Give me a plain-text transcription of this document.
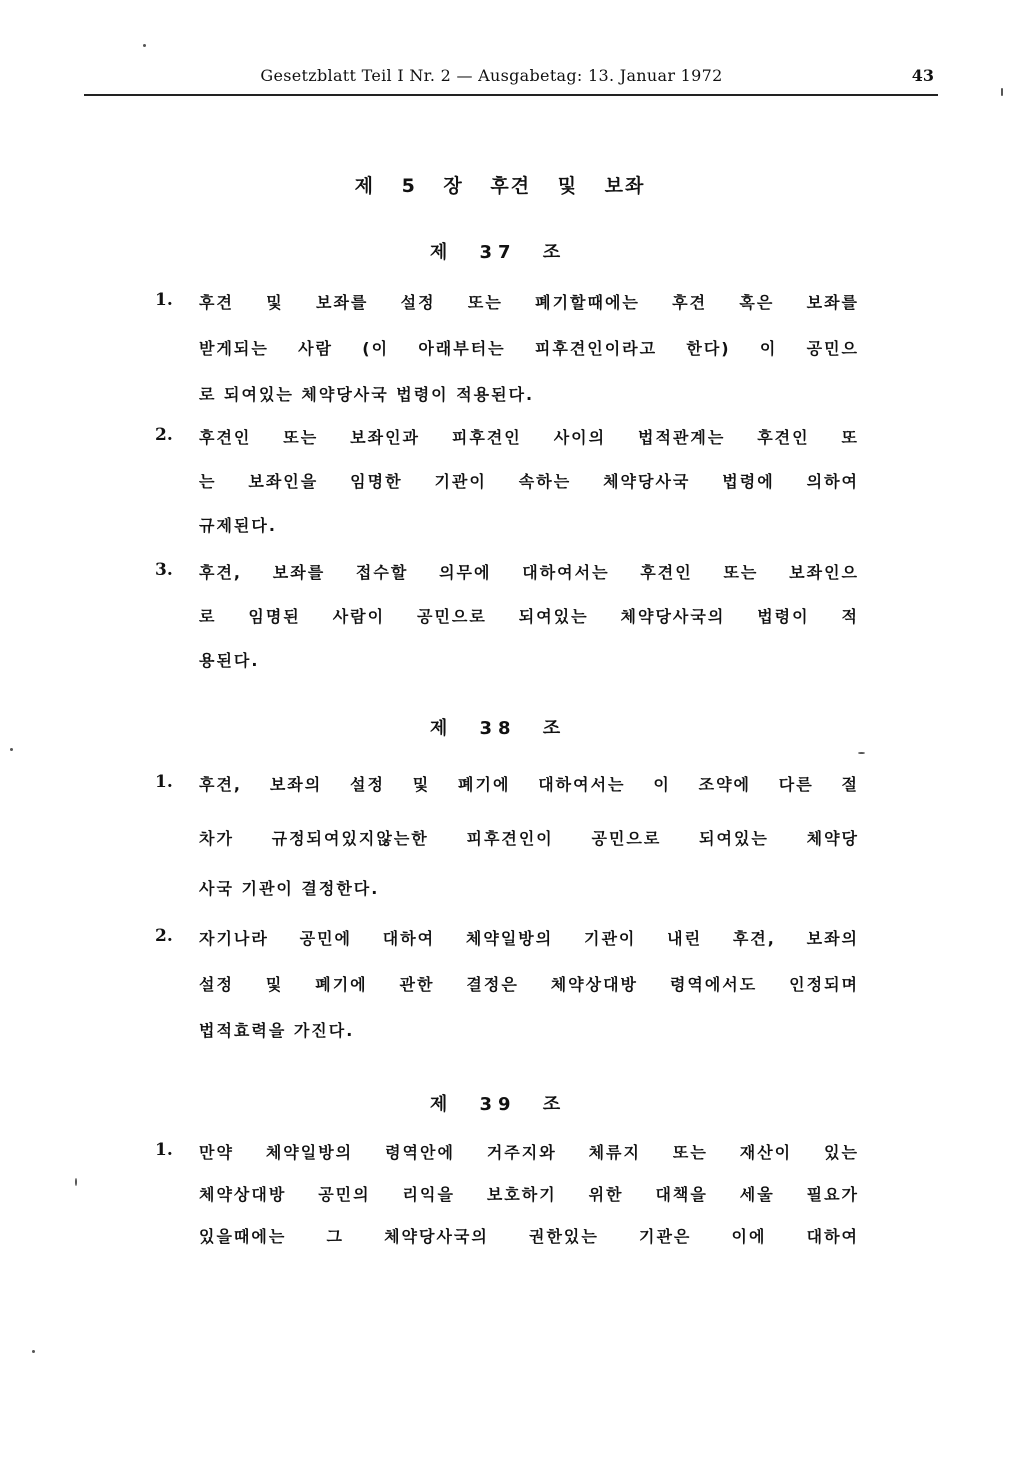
Gesetzblatt Teil I Nr. 2 — Ausgabetag: 13. Januar 1972	43
제 5 장 후견 및 보좌
제 37 조
1. 후견 및 보좌를 설정 또는 폐기할때에는 후견 혹은 보좌를
받게되는 사람 (이 아래부터는 피후견인이라고 한다) 이 공민으
로 되여있는 체약당사국 법령이 적용된다.
2. 후견인 또는 보좌인과 피후견인 사이의 법적관계는 후견인 또
는 보좌인을 임명한 기관이 속하는 체약당사국 법령에 의하여
규제된다.
3. 후견, 보좌를 접수할 의무에 대하여서는 후견인 또는 보좌인으
로 임명된 사람이 공민으로 되여있는 체약당사국의 법령이 적
용된다.
제 38 조
1. 후견, 보좌의 설정 및 폐기에 대하여서는 이 조약에 다른 절
차가 규정되여있지않는한 피후견인이 공민으로 되여있는 체약당
사국 기관이 결정한다.
2. 자기나라 공민에 대하여 체약일방의 기관이 내린 후견, 보좌의
설정 및 폐기에 관한 결정은 체약상대방 령역에서도 인정되며
법적효력을 가진다.
제 39 조
1. 만약 체약일방의 령역안에 거주지와 체류지 또는 재산이 있는
체약상대방 공민의 리익을 보호하기 위한 대책을 세울 필요가
있을때에는 그 체약당사국의 권한있는 기관은 이에 대하여
